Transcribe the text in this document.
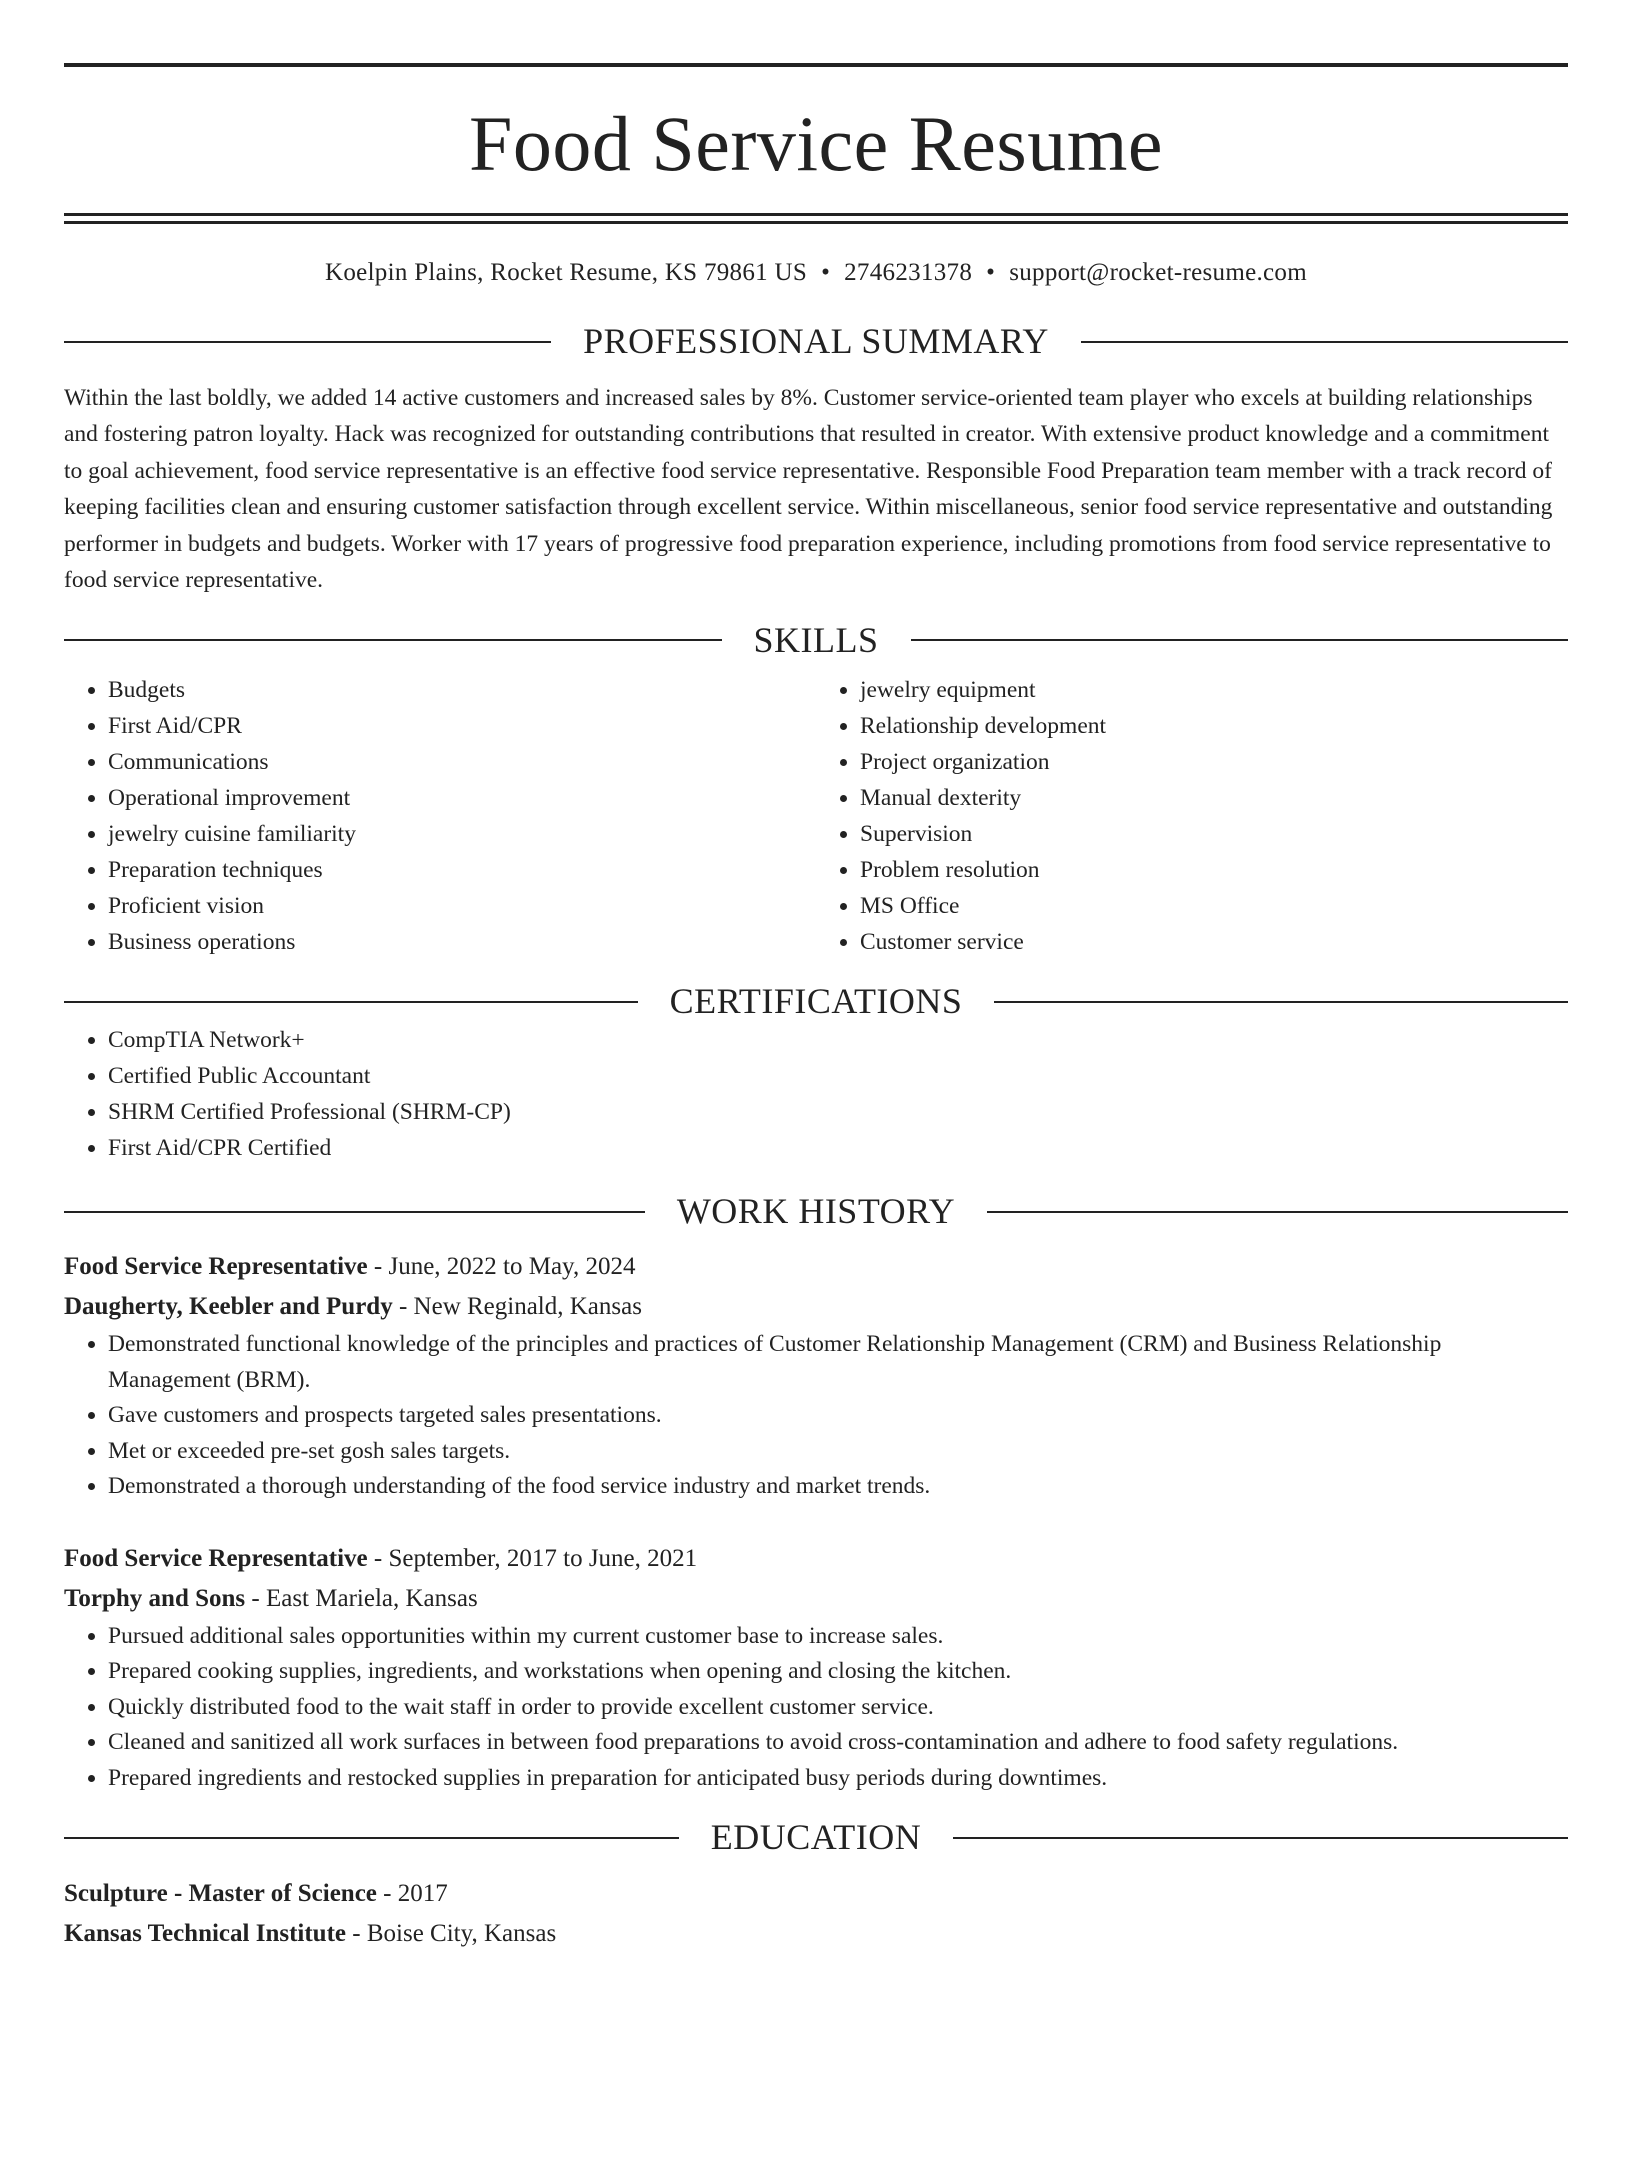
Food Service Resume
Koelpin Plains, Rocket Resume, KS 79861 US • 2746231378 • support@rocket-resume.com
PROFESSIONAL SUMMARY

Within the last boldly, we added 14 active customers and increased sales by 8%. Customer service-oriented team player who excels at building relationships and fostering patron loyalty. Hack was recognized for outstanding contributions that resulted in creator. With extensive product knowledge and a commitment to goal achievement, food service representative is an effective food service representative. Responsible Food Preparation team member with a track record of keeping facilities clean and ensuring customer satisfaction through excellent service. Within miscellaneous, senior food service representative and outstanding performer in budgets and budgets. Worker with 17 years of progressive food preparation experience, including promotions from food service representative to food service representative.

SKILLS
• Budgets
• First Aid/CPR
• Communications
• Operational improvement
• jewelry cuisine familiarity
• Preparation techniques
• Proficient vision
• Business operations
• jewelry equipment
• Relationship development
• Project organization
• Manual dexterity
• Supervision
• Problem resolution
• MS Office
• Customer service
CERTIFICATIONS
• CompTIA Network+
• Certified Public Accountant
• SHRM Certified Professional (SHRM-CP)
• First Aid/CPR Certified
WORK HISTORY
Food Service Representative - June, 2022 to May, 2024
Daugherty, Keebler and Purdy - New Reginald, Kansas
• Demonstrated functional knowledge of the principles and practices of Customer Relationship Management (CRM) and Business Relationship Management (BRM).
• Gave customers and prospects targeted sales presentations.
• Met or exceeded pre-set gosh sales targets.
• Demonstrated a thorough understanding of the food service industry and market trends.
Food Service Representative - September, 2017 to June, 2021
Torphy and Sons - East Mariela, Kansas
• Pursued additional sales opportunities within my current customer base to increase sales.
• Prepared cooking supplies, ingredients, and workstations when opening and closing the kitchen.
• Quickly distributed food to the wait staff in order to provide excellent customer service.
• Cleaned and sanitized all work surfaces in between food preparations to avoid cross-contamination and adhere to food safety regulations.
• Prepared ingredients and restocked supplies in preparation for anticipated busy periods during downtimes.
EDUCATION
Sculpture - Master of Science - 2017
Kansas Technical Institute - Boise City, Kansas
